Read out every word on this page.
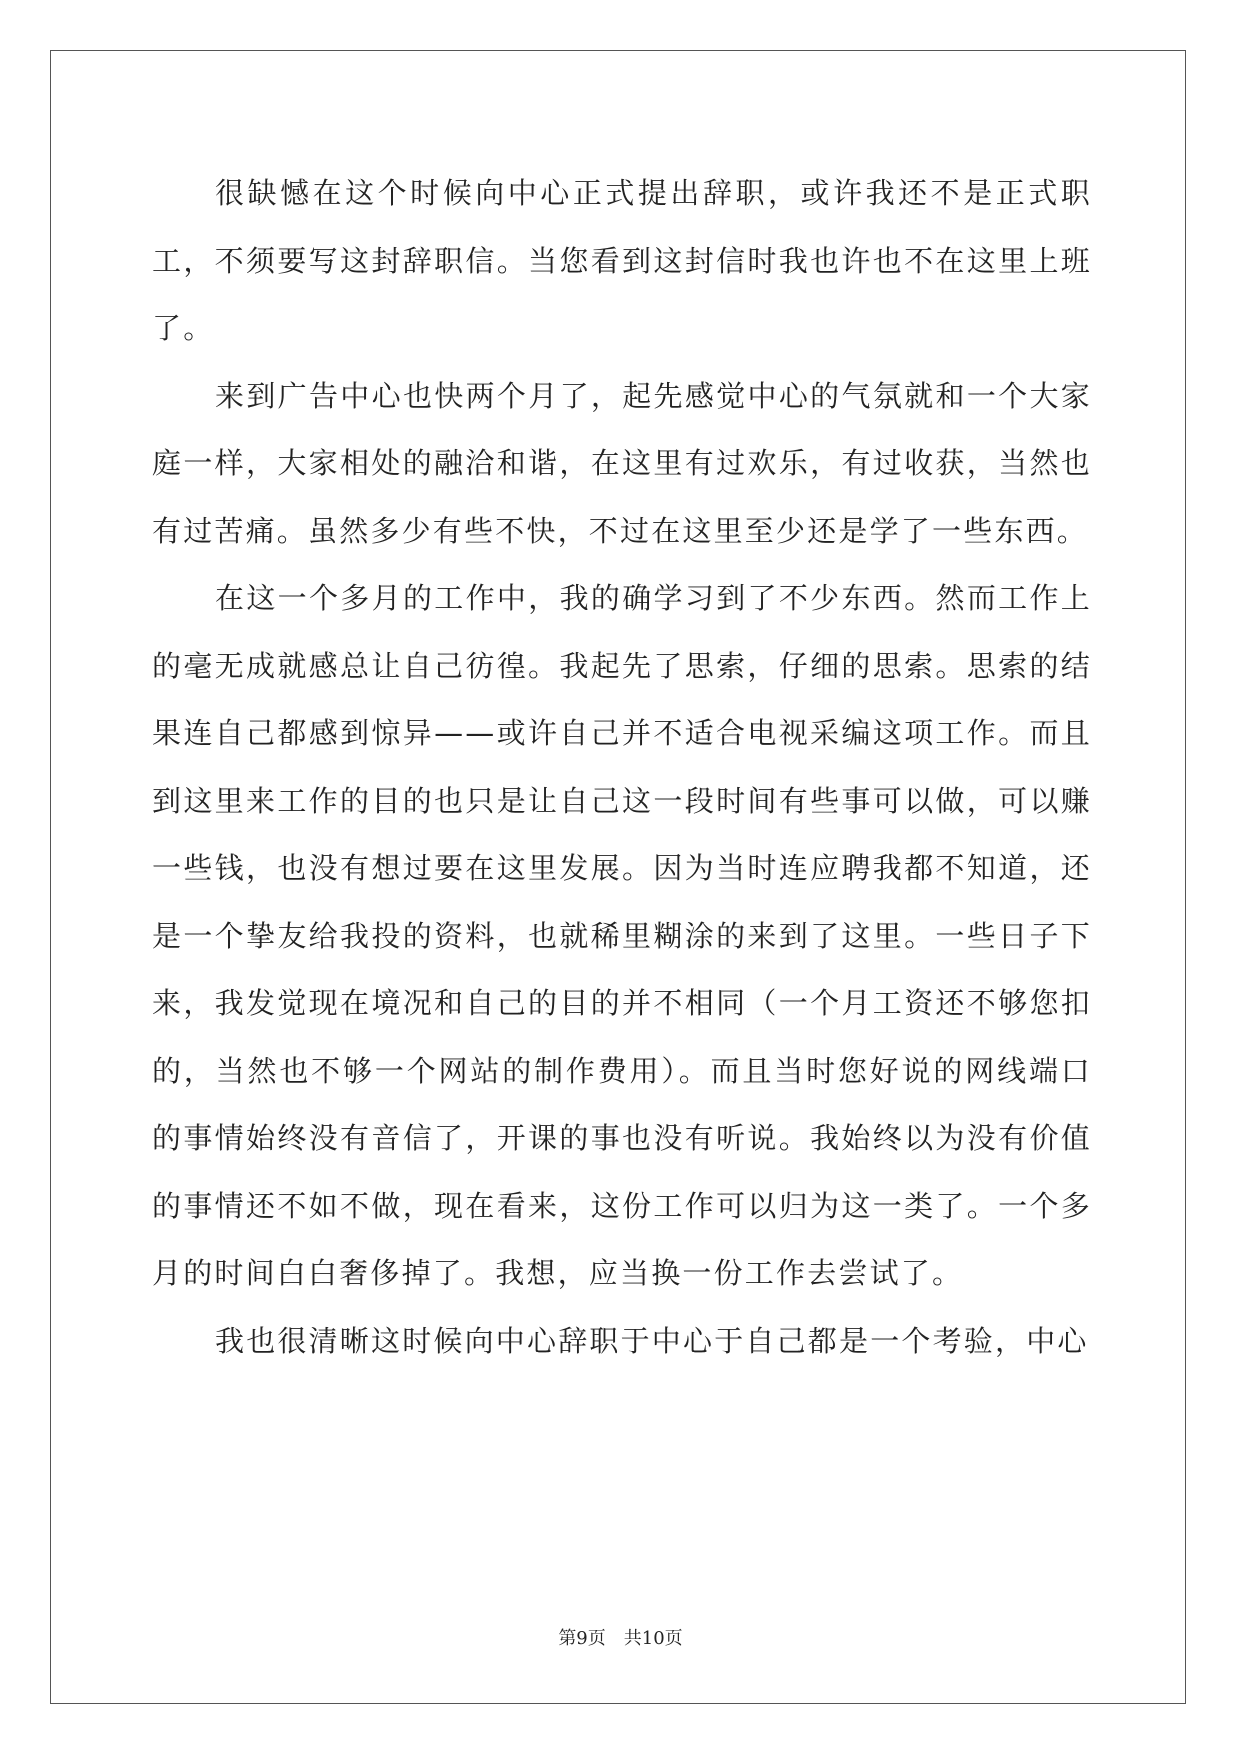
很缺憾在这个时候向中心正式提出辞职，或许我还不是正式职工，不须要写这封辞职信。当您看到这封信时我也许也不在这里上班了。

来到广告中心也快两个月了，起先感觉中心的气氛就和一个大家庭一样，大家相处的融洽和谐，在这里有过欢乐，有过收获，当然也有过苦痛。虽然多少有些不快，不过在这里至少还是学了一些东西。

在这一个多月的工作中，我的确学习到了不少东西。然而工作上的毫无成就感总让自己彷徨。我起先了思索，仔细的思索。思索的结果连自己都感到惊异——或许自己并不适合电视采编这项工作。而且到这里来工作的目的也只是让自己这一段时间有些事可以做，可以赚一些钱，也没有想过要在这里发展。因为当时连应聘我都不知道，还是一个挚友给我投的资料，也就稀里糊涂的来到了这里。一些日子下来，我发觉现在境况和自己的目的并不相同（一个月工资还不够您扣的，当然也不够一个网站的制作费用）。而且当时您好说的网线端口的事情始终没有音信了，开课的事也没有听说。我始终以为没有价值的事情还不如不做，现在看来，这份工作可以归为这一类了。一个多月的时间白白奢侈掉了。我想，应当换一份工作去尝试了。

我也很清晰这时候向中心辞职于中心于自己都是一个考验，中心

第9页　共10页
